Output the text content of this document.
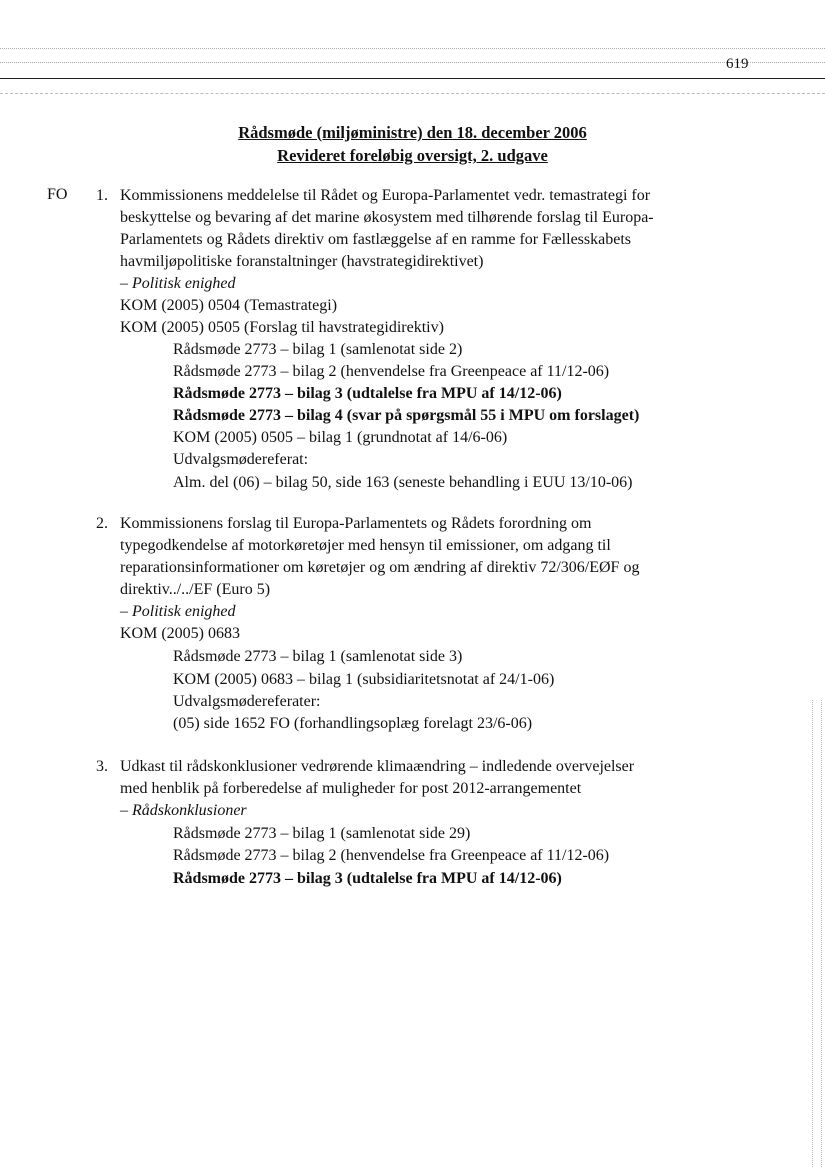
619
Rådsmøde (miljøministre) den 18. december 2006
Revideret foreløbig oversigt, 2. udgave
FO 1. Kommissionens meddelelse til Rådet og Europa-Parlamentet vedr. temastrategi for
beskyttelse og bevaring af det marine økosystem med tilhørende forslag til Europa-
Parlamentets og Rådets direktiv om fastlæggelse af en ramme for Fællesskabets
havmiljøpolitiske foranstaltninger (havstrategidirektivet)
– Politisk enighed
KOM (2005) 0504 (Temastrategi)
KOM (2005) 0505 (Forslag til havstrategidirektiv)
Rådsmøde 2773 – bilag 1 (samlenotat side 2)
Rådsmøde 2773 – bilag 2 (henvendelse fra Greenpeace af 11/12-06)
Rådsmøde 2773 – bilag 3 (udtalelse fra MPU af 14/12-06)
Rådsmøde 2773 – bilag 4 (svar på spørgsmål 55 i MPU om forslaget)
KOM (2005) 0505 – bilag 1 (grundnotat af 14/6-06)
Udvalgsmødereferat:
Alm. del (06) – bilag 50, side 163 (seneste behandling i EUU 13/10-06)
2. Kommissionens forslag til Europa-Parlamentets og Rådets forordning om
typegodkendelse af motorkøretøjer med hensyn til emissioner, om adgang til
reparationsinformationer om køretøjer og om ændring af direktiv 72/306/EØF og
direktiv../../EF (Euro 5)
– Politisk enighed
KOM (2005) 0683
Rådsmøde 2773 – bilag 1 (samlenotat side 3)
KOM (2005) 0683 – bilag 1 (subsidiaritetsnotat af 24/1-06)
Udvalgsmødereferater:
(05) side 1652 FO (forhandlingsoplæg forelagt 23/6-06)
3. Udkast til rådskonklusioner vedrørende klimaændring – indledende overvejelser
med henblik på forberedelse af muligheder for post 2012-arrangementet
– Rådskonklusioner
Rådsmøde 2773 – bilag 1 (samlenotat side 29)
Rådsmøde 2773 – bilag 2 (henvendelse fra Greenpeace af 11/12-06)
Rådsmøde 2773 – bilag 3 (udtalelse fra MPU af 14/12-06)
